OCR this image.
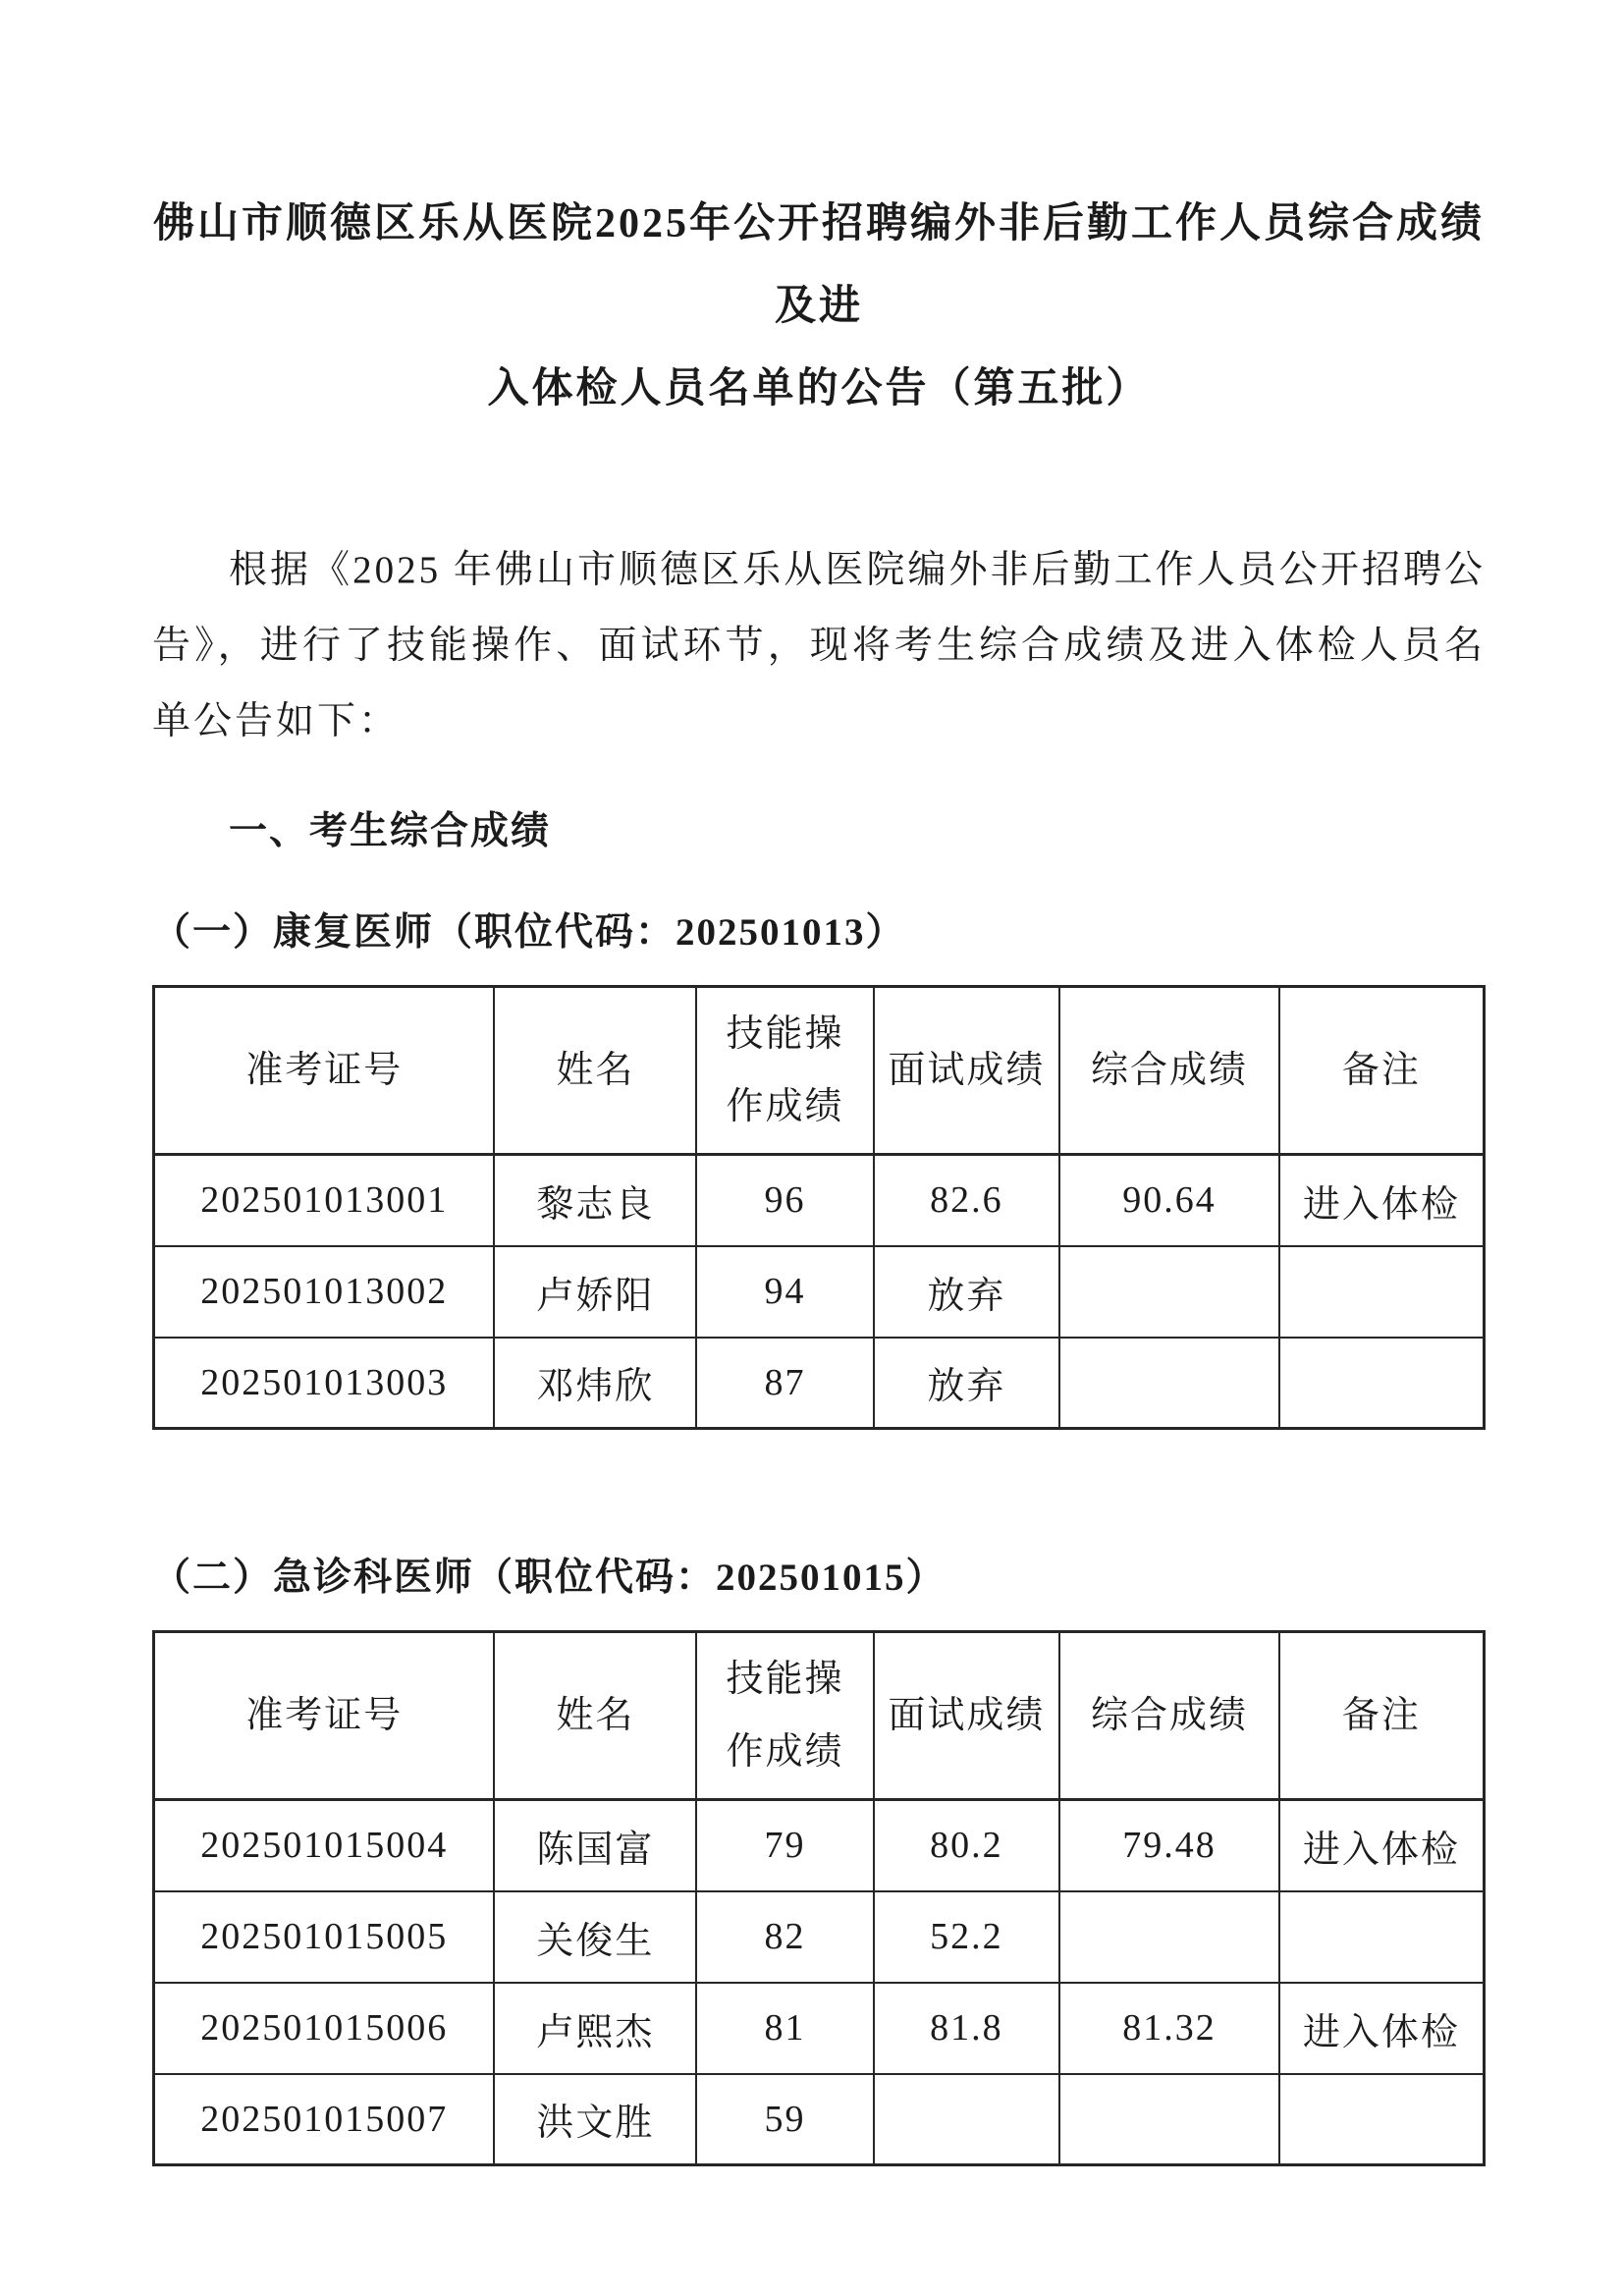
佛山市顺德区乐从医院2025年公开招聘编外非后勤工作人员综合成绩及进
入体检人员名单的公告（第五批）
根据《2025 年佛山市顺德区乐从医院编外非后勤工作人员公开招聘公告》，进行了技能操作、面试环节，现将考生综合成绩及进入体检人员名单公告如下：
一、考生综合成绩
（一）康复医师（职位代码：202501013）
准考证号	姓名	技能操作成绩	面试成绩	综合成绩	备注
202501013001	黎志良	96	82.6	90.64	进入体检
202501013002	卢娇阳	94	放弃		
202501013003	邓炜欣	87	放弃		
（二）急诊科医师（职位代码：202501015）
准考证号	姓名	技能操作成绩	面试成绩	综合成绩	备注
202501015004	陈国富	79	80.2	79.48	进入体检
202501015005	关俊生	82	52.2		
202501015006	卢熙杰	81	81.8	81.32	进入体检
202501015007	洪文胜	59			
